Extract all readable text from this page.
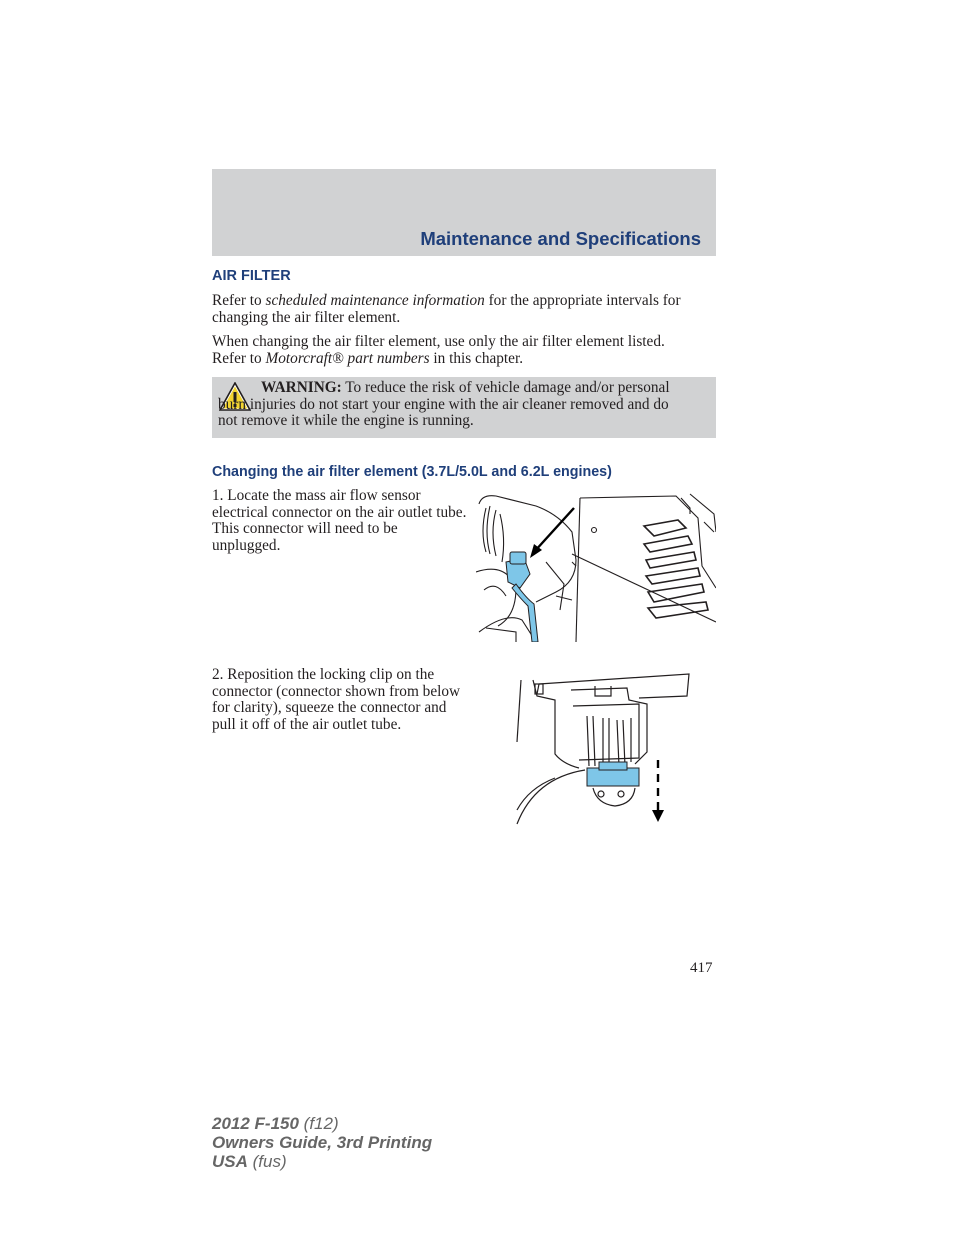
Maintenance and Specifications
AIR FILTER
Refer to scheduled maintenance information for the appropriate intervals for changing the air filter element.
When changing the air filter element, use only the air filter element listed. Refer to Motorcraft® part numbers in this chapter.
WARNING: To reduce the risk of vehicle damage and/or personal burn injuries do not start your engine with the air cleaner removed and do not remove it while the engine is running.
Changing the air filter element (3.7L/5.0L and 6.2L engines)
1. Locate the mass air flow sensor electrical connector on the air outlet tube. This connector will need to be unplugged.
2. Reposition the locking clip on the connector (connector shown from below for clarity), squeeze the connector and pull it off of the air outlet tube.
417
2012 F-150 (f12)
Owners Guide, 3rd Printing
USA (fus)
